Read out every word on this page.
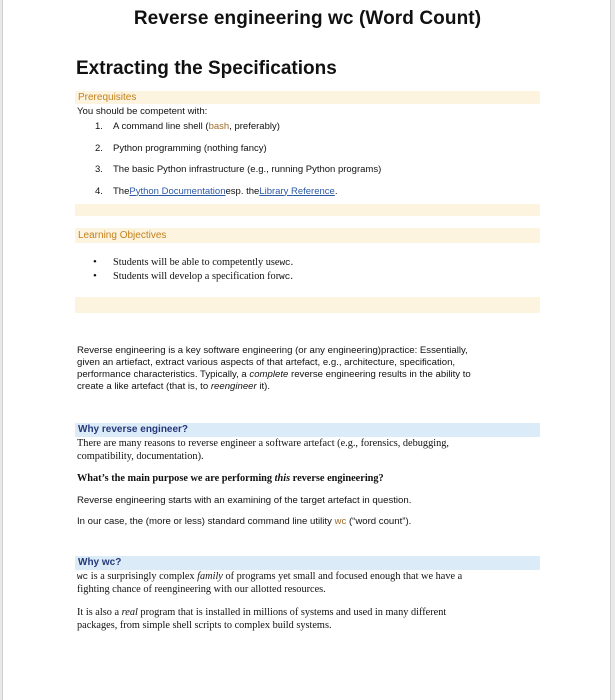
Reverse engineering wc (Word Count)
Extracting the Specifications
Prerequisites
You should be competent with:
1.	A command line shell ( bash , preferably)
2.	Python programming (nothing fancy)
3.	The basic Python infrastructure (e.g., running Python programs)
4.	The Python Documentation esp. the Library Reference .
Learning Objectives
•	Students will be able to competently use wc .
•	Students will develop a specification for wc .
Reverse engineering is a key software engineering (or any engineering)practice: Essentially,
given an artiefact, extract various aspects of that artefact, e.g., architecture, specification,
performance characteristics. Typically, a complete reverse engineering results in the ability to
create a like artefact (that is, to reengineer it).
Why reverse engineer?
There are many reasons to reverse engineer a software artefact (e.g., forensics, debugging,
compatibility, documentation).
What’s the main purpose we are performing this reverse engineering?
Reverse engineering starts with an examining of the target artefact in question.
In our case, the (more or less) standard command line utility wc (“word count”).
Why wc?
wc is a surprisingly complex family of programs yet small and focused enough that we have a
fighting chance of reengineering with our allotted resources.
It is also a real program that is installed in millions of systems and used in many different
packages, from simple shell scripts to complex build systems.
